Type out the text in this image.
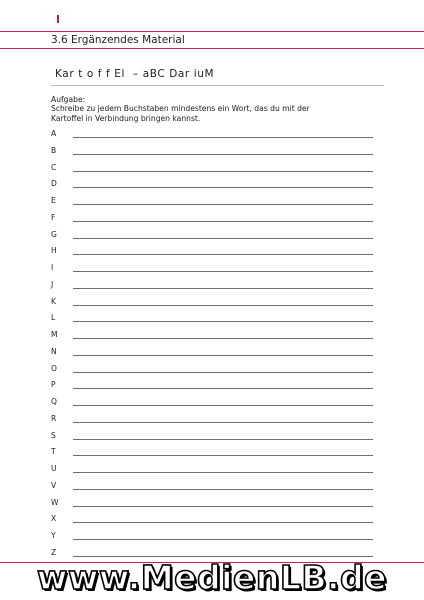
3.6 Ergänzendes Material
Kar t o f f El  – aBC Dar iuM

Aufgabe:

Schreibe zu jedem Buchstaben mindestens ein Wort, das du mit der

Kartoffel in Verbindung bringen kannst.

A
B
C
D
E
F
G
H
I
J
K
L
M
N
O
P
Q
R
S
T
U
V
W
X
Y
Z
www.MedienLB.de
